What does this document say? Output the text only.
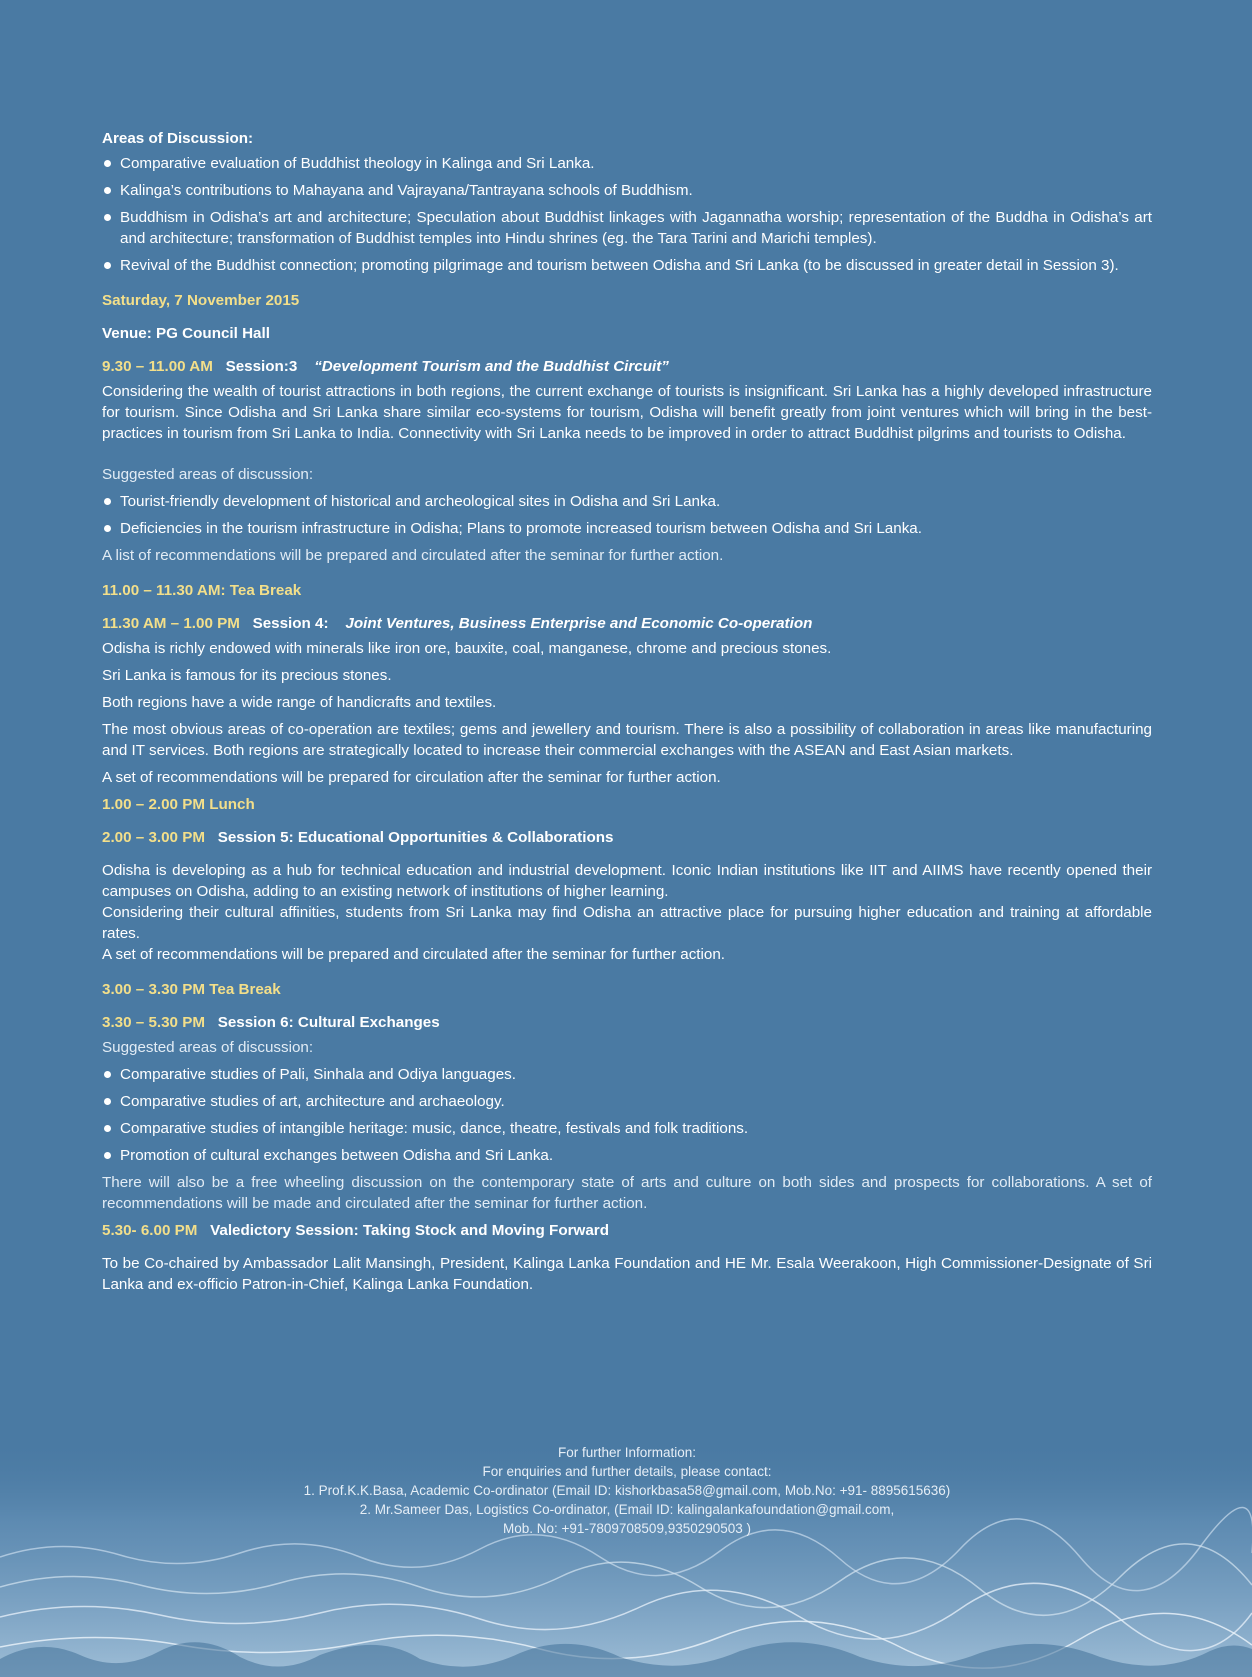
Areas of Discussion:
Comparative evaluation of Buddhist theology in Kalinga and Sri Lanka.
Kalinga’s contributions to Mahayana and Vajrayana/Tantrayana schools of Buddhism.
Buddhism in Odisha’s art and architecture; Speculation about Buddhist linkages with Jagannatha worship; representation of the Buddha in Odisha’s art and architecture; transformation of Buddhist temples into Hindu shrines (eg. the Tara Tarini and Marichi temples).
Revival of the Buddhist connection; promoting pilgrimage and tourism between Odisha and Sri Lanka (to be discussed in greater detail in Session 3).
Saturday, 7 November 2015
Venue: PG Council Hall
9.30 – 11.00 AM Session:3 “Development Tourism and the Buddhist Circuit”

Considering the wealth of tourist attractions in both regions, the current exchange of tourists is insignificant. Sri Lanka has a highly developed infrastructure for tourism. Since Odisha and Sri Lanka share similar eco-systems for tourism, Odisha will benefit greatly from joint ventures which will bring in the best-practices in tourism from Sri Lanka to India. Connectivity with Sri Lanka needs to be improved in order to attract Buddhist pilgrims and tourists to Odisha.

Suggested areas of discussion:

Tourist-friendly development of historical and archeological sites in Odisha and Sri Lanka.
Deficiencies in the tourism infrastructure in Odisha; Plans to promote increased tourism between Odisha and Sri Lanka.

A list of recommendations will be prepared and circulated after the seminar for further action.

11.00 – 11.30 AM: Tea Break
11.30 AM – 1.00 PM Session 4: Joint Ventures, Business Enterprise and Economic Co-operation

Odisha is richly endowed with minerals like iron ore, bauxite, coal, manganese, chrome and precious stones.

Sri Lanka is famous for its precious stones.

Both regions have a wide range of handicrafts and textiles.

The most obvious areas of co-operation are textiles; gems and jewellery and tourism. There is also a possibility of collaboration in areas like manufacturing and IT services. Both regions are strategically located to increase their commercial exchanges with the ASEAN and East Asian markets.

A set of recommendations will be prepared for circulation after the seminar for further action.

1.00 – 2.00 PM Lunch
2.00 – 3.00 PM Session 5: Educational Opportunities & Collaborations

Odisha is developing as a hub for technical education and industrial development. Iconic Indian institutions like IIT and AIIMS have recently opened their campuses on Odisha, adding to an existing network of institutions of higher learning.

Considering their cultural affinities, students from Sri Lanka may find Odisha an attractive place for pursuing higher education and training at affordable rates.

A set of recommendations will be prepared and circulated after the seminar for further action.

3.00 – 3.30 PM Tea Break
3.30 – 5.30 PM Session 6: Cultural Exchanges

Suggested areas of discussion:

Comparative studies of Pali, Sinhala and Odiya languages.
Comparative studies of art, architecture and archaeology.
Comparative studies of intangible heritage: music, dance, theatre, festivals and folk traditions.
Promotion of cultural exchanges between Odisha and Sri Lanka.

There will also be a free wheeling discussion on the contemporary state of arts and culture on both sides and prospects for collaborations. A set of recommendations will be made and circulated after the seminar for further action.

5.30- 6.00 PM Valedictory Session: Taking Stock and Moving Forward

To be Co-chaired by Ambassador Lalit Mansingh, President, Kalinga Lanka Foundation and HE Mr. Esala Weerakoon, High Commissioner-Designate of Sri Lanka and ex-officio Patron-in-Chief, Kalinga Lanka Foundation.

For further Information:
For enquiries and further details, please contact:
1. Prof.K.K.Basa, Academic Co-ordinator (Email ID: kishorkbasa58@gmail.com, Mob.No: +91- 8895615636)
2. Mr.Sameer Das, Logistics Co-ordinator, (Email ID: kalingalankafoundation@gmail.com,
Mob. No: +91-7809708509,9350290503 )
